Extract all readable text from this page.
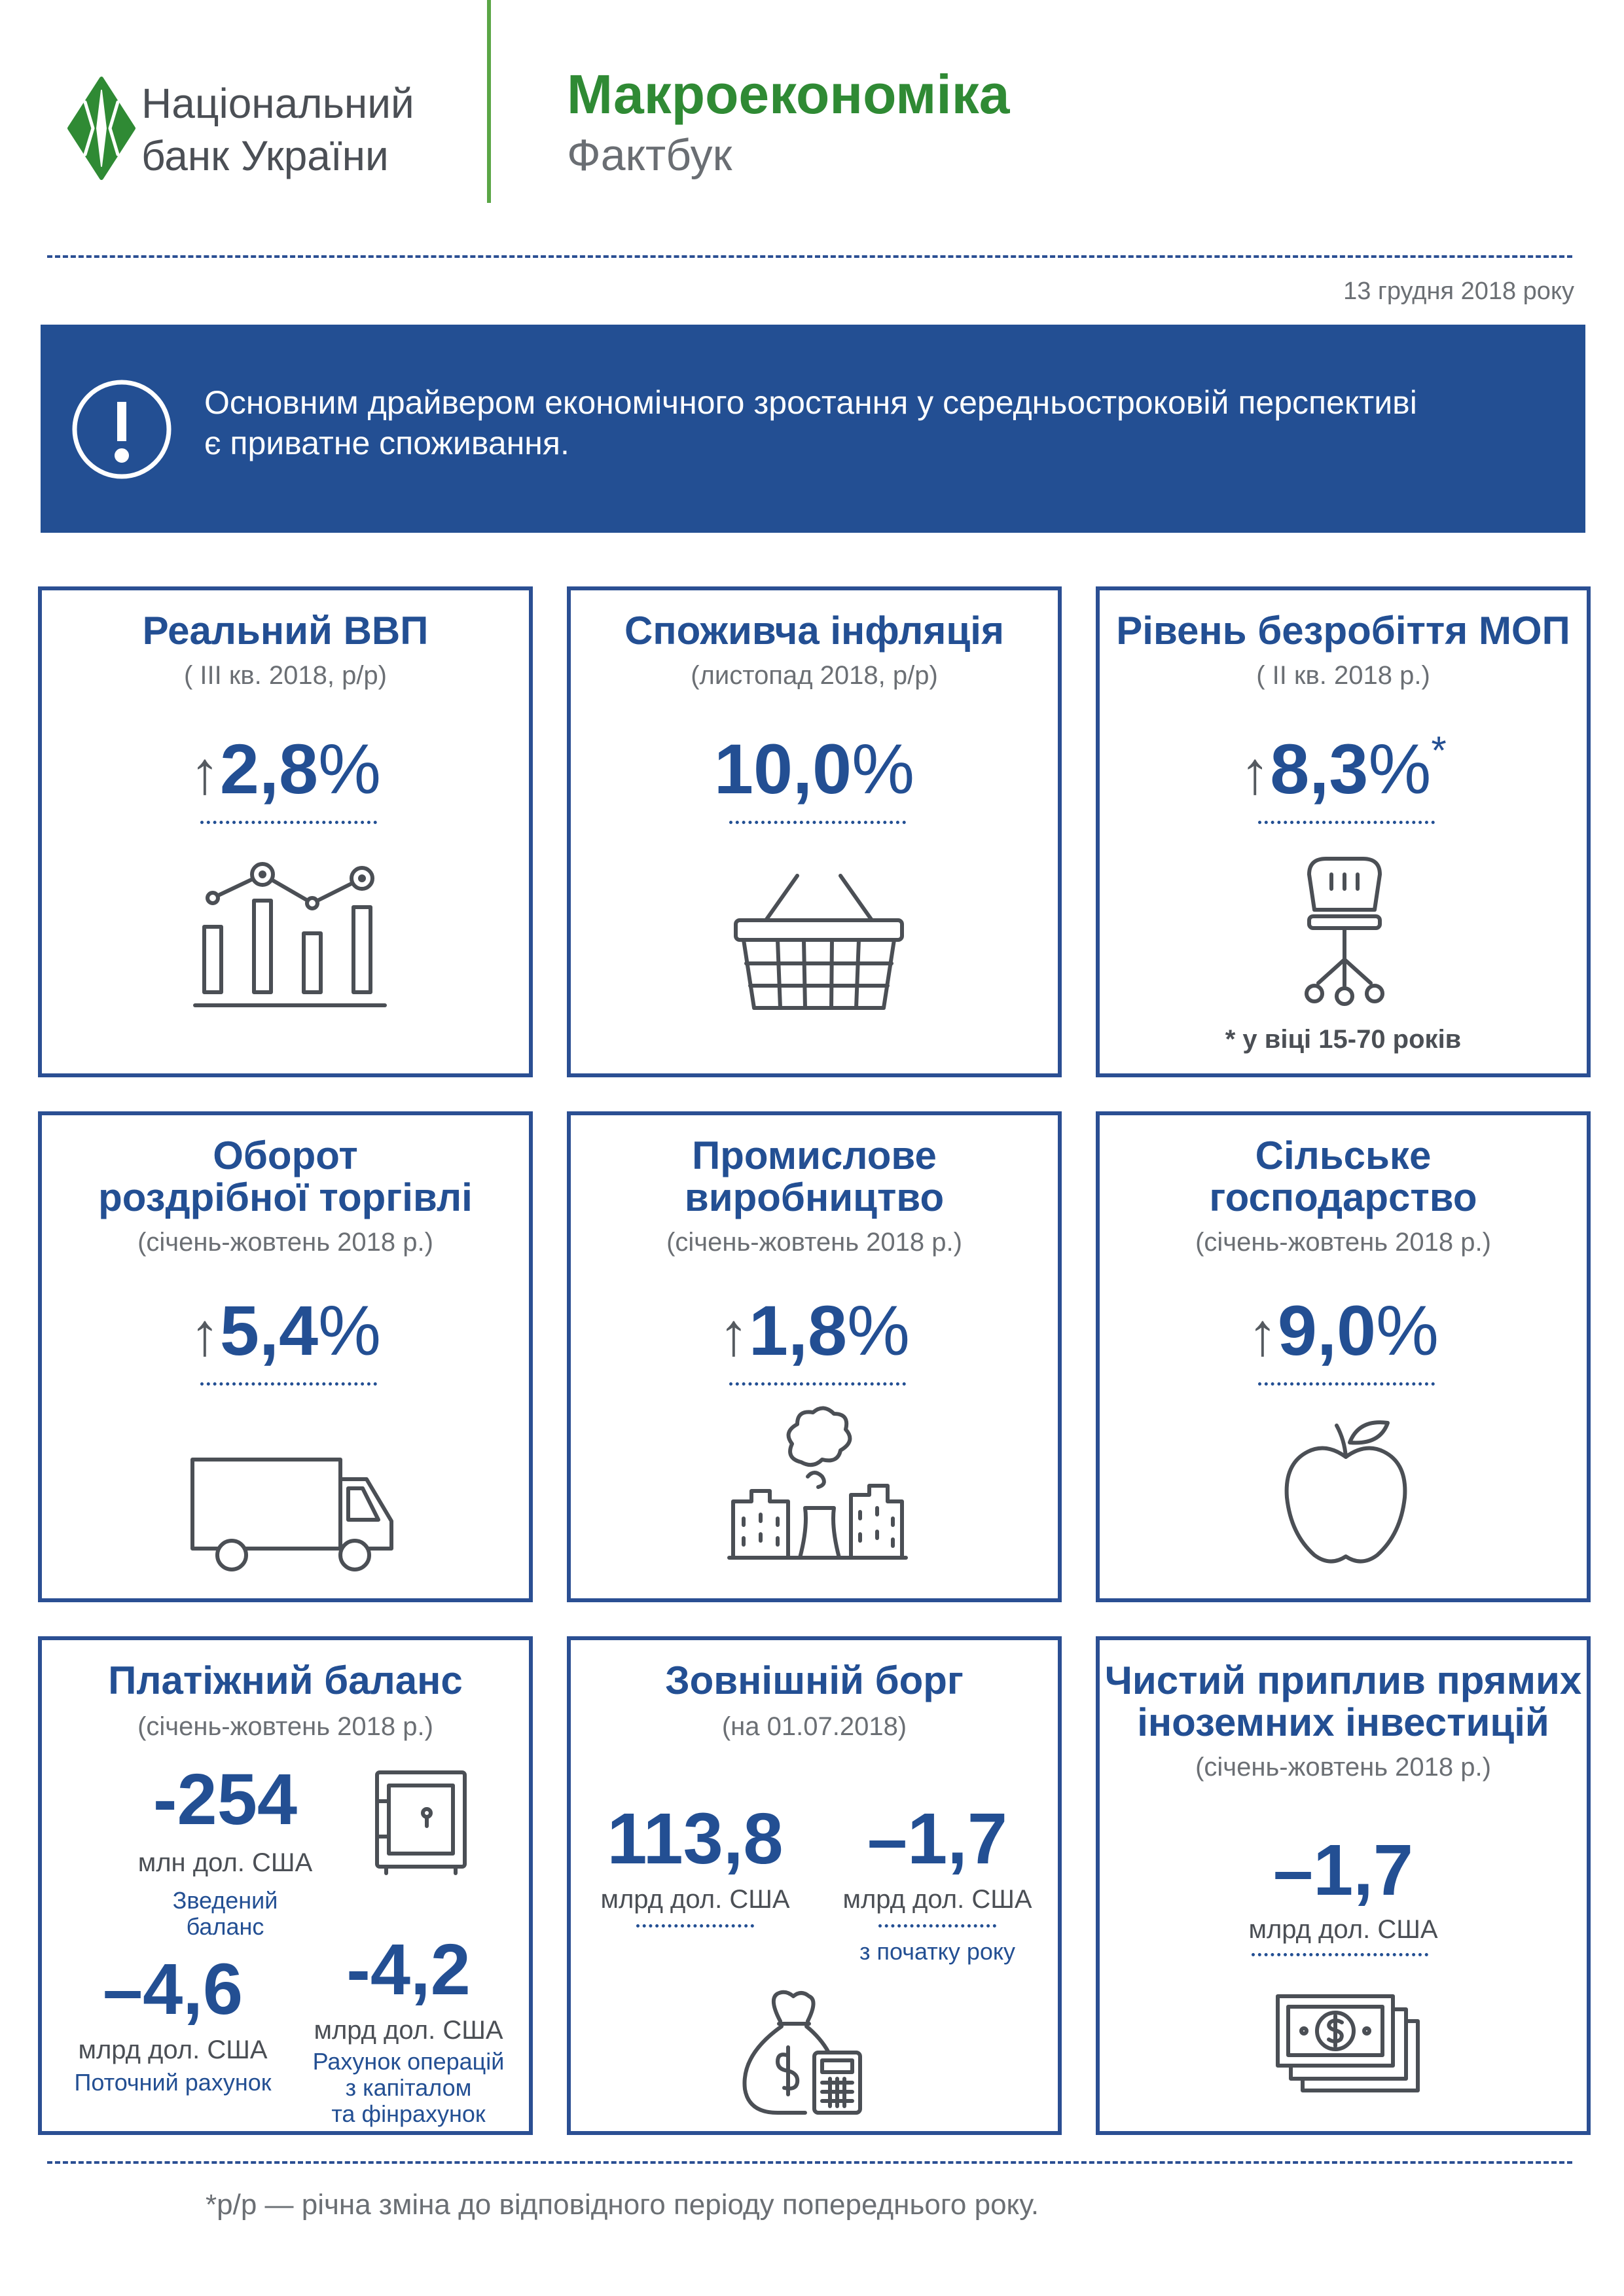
Національний
банк України
Макроекономіка
Фактбук
13 грудня 2018 року
Основним драйвером економічного зростання у середньостроковій перспективі
є приватне споживання.
Реальний ВВП
( III кв. 2018, р/р)
↑2,8%
Споживча інфляція
(листопад 2018, р/р)
10,0%
Рівень безробіття МОП
( II кв. 2018 р.)
↑8,3%*
* у віці 15-70 років
Оборот
роздрібної торгівлі
(січень-жовтень 2018 р.)
↑5,4%
Промислове
виробництво
(січень-жовтень 2018 р.)
↑1,8%
Сільське
господарство
(січень-жовтень 2018 р.)
↑9,0%
Платіжний баланс
(січень-жовтень 2018 р.)
-254
млн дол. США
Зведений
баланс
–4,6
млрд дол. США
Поточний рахунок
-4,2
млрд дол. США
Рахунок операцій
з капіталом
та фінрахунок
Зовнішній борг
(на 01.07.2018)
113,8
млрд дол. США
–1,7
млрд дол. США
з початку року
Чистий приплив прямих
іноземних інвестицій
(січень-жовтень 2018 р.)
–1,7
млрд дол. США
*р/р — річна зміна до відповідного періоду попереднього року.
